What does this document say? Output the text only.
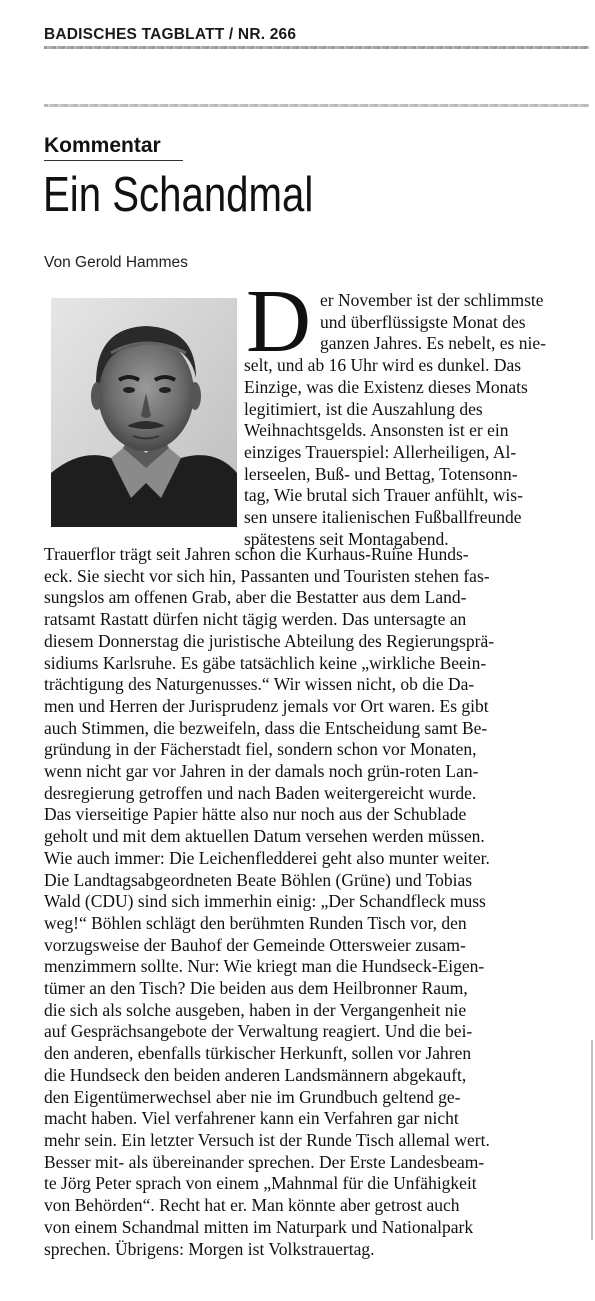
BADISCHES TAGBLATT / NR. 266
Kommentar
Ein Schandmal
Von Gerold Hammes
D er November ist der schlimmste
und überflüssigste Monat des
ganzen Jahres. Es nebelt, es nie-
selt, und ab 16 Uhr wird es dunkel. Das
Einzige, was die Existenz dieses Monats
legitimiert, ist die Auszahlung des
Weihnachtsgelds. Ansonsten ist er ein
einziges Trauerspiel: Allerheiligen, Al-
lerseelen, Buß- und Bettag, Totensonn-
tag, Wie brutal sich Trauer anfühlt, wis-
sen unsere italienischen Fußballfreunde
spätestens seit Montagabend.
Trauerflor trägt seit Jahren schon die Kurhaus-Ruine Hunds-
eck. Sie siecht vor sich hin, Passanten und Touristen stehen fas-
sungslos am offenen Grab, aber die Bestatter aus dem Land-
ratsamt Rastatt dürfen nicht tägig werden. Das untersagte an
diesem Donnerstag die juristische Abteilung des Regierungsprä-
sidiums Karlsruhe. Es gäbe tatsächlich keine „wirkliche Beein-
trächtigung des Naturgenusses.“ Wir wissen nicht, ob die Da-
men und Herren der Jurisprudenz jemals vor Ort waren. Es gibt
auch Stimmen, die bezweifeln, dass die Entscheidung samt Be-
gründung in der Fächerstadt fiel, sondern schon vor Monaten,
wenn nicht gar vor Jahren in der damals noch grün-roten Lan-
desregierung getroffen und nach Baden weitergereicht wurde.
Das vierseitige Papier hätte also nur noch aus der Schublade
geholt und mit dem aktuellen Datum versehen werden müssen.
Wie auch immer: Die Leichenfledderei geht also munter weiter.
Die Landtagsabgeordneten Beate Böhlen (Grüne) und Tobias
Wald (CDU) sind sich immerhin einig: „Der Schandfleck muss
weg!“ Böhlen schlägt den berühmten Runden Tisch vor, den
vorzugsweise der Bauhof der Gemeinde Ottersweier zusam-
menzimmern sollte. Nur: Wie kriegt man die Hundseck-Eigen-
tümer an den Tisch? Die beiden aus dem Heilbronner Raum,
die sich als solche ausgeben, haben in der Vergangenheit nie
auf Gesprächsangebote der Verwaltung reagiert. Und die bei-
den anderen, ebenfalls türkischer Herkunft, sollen vor Jahren
die Hundseck den beiden anderen Landsmännern abgekauft,
den Eigentümerwechsel aber nie im Grundbuch geltend ge-
macht haben. Viel verfahrener kann ein Verfahren gar nicht
mehr sein. Ein letzter Versuch ist der Runde Tisch allemal wert.
Besser mit- als übereinander sprechen. Der Erste Landesbeam-
te Jörg Peter sprach von einem „Mahnmal für die Unfähigkeit
von Behörden“. Recht hat er. Man könnte aber getrost auch
von einem Schandmal mitten im Naturpark und Nationalpark
sprechen. Übrigens: Morgen ist Volkstrauertag.
